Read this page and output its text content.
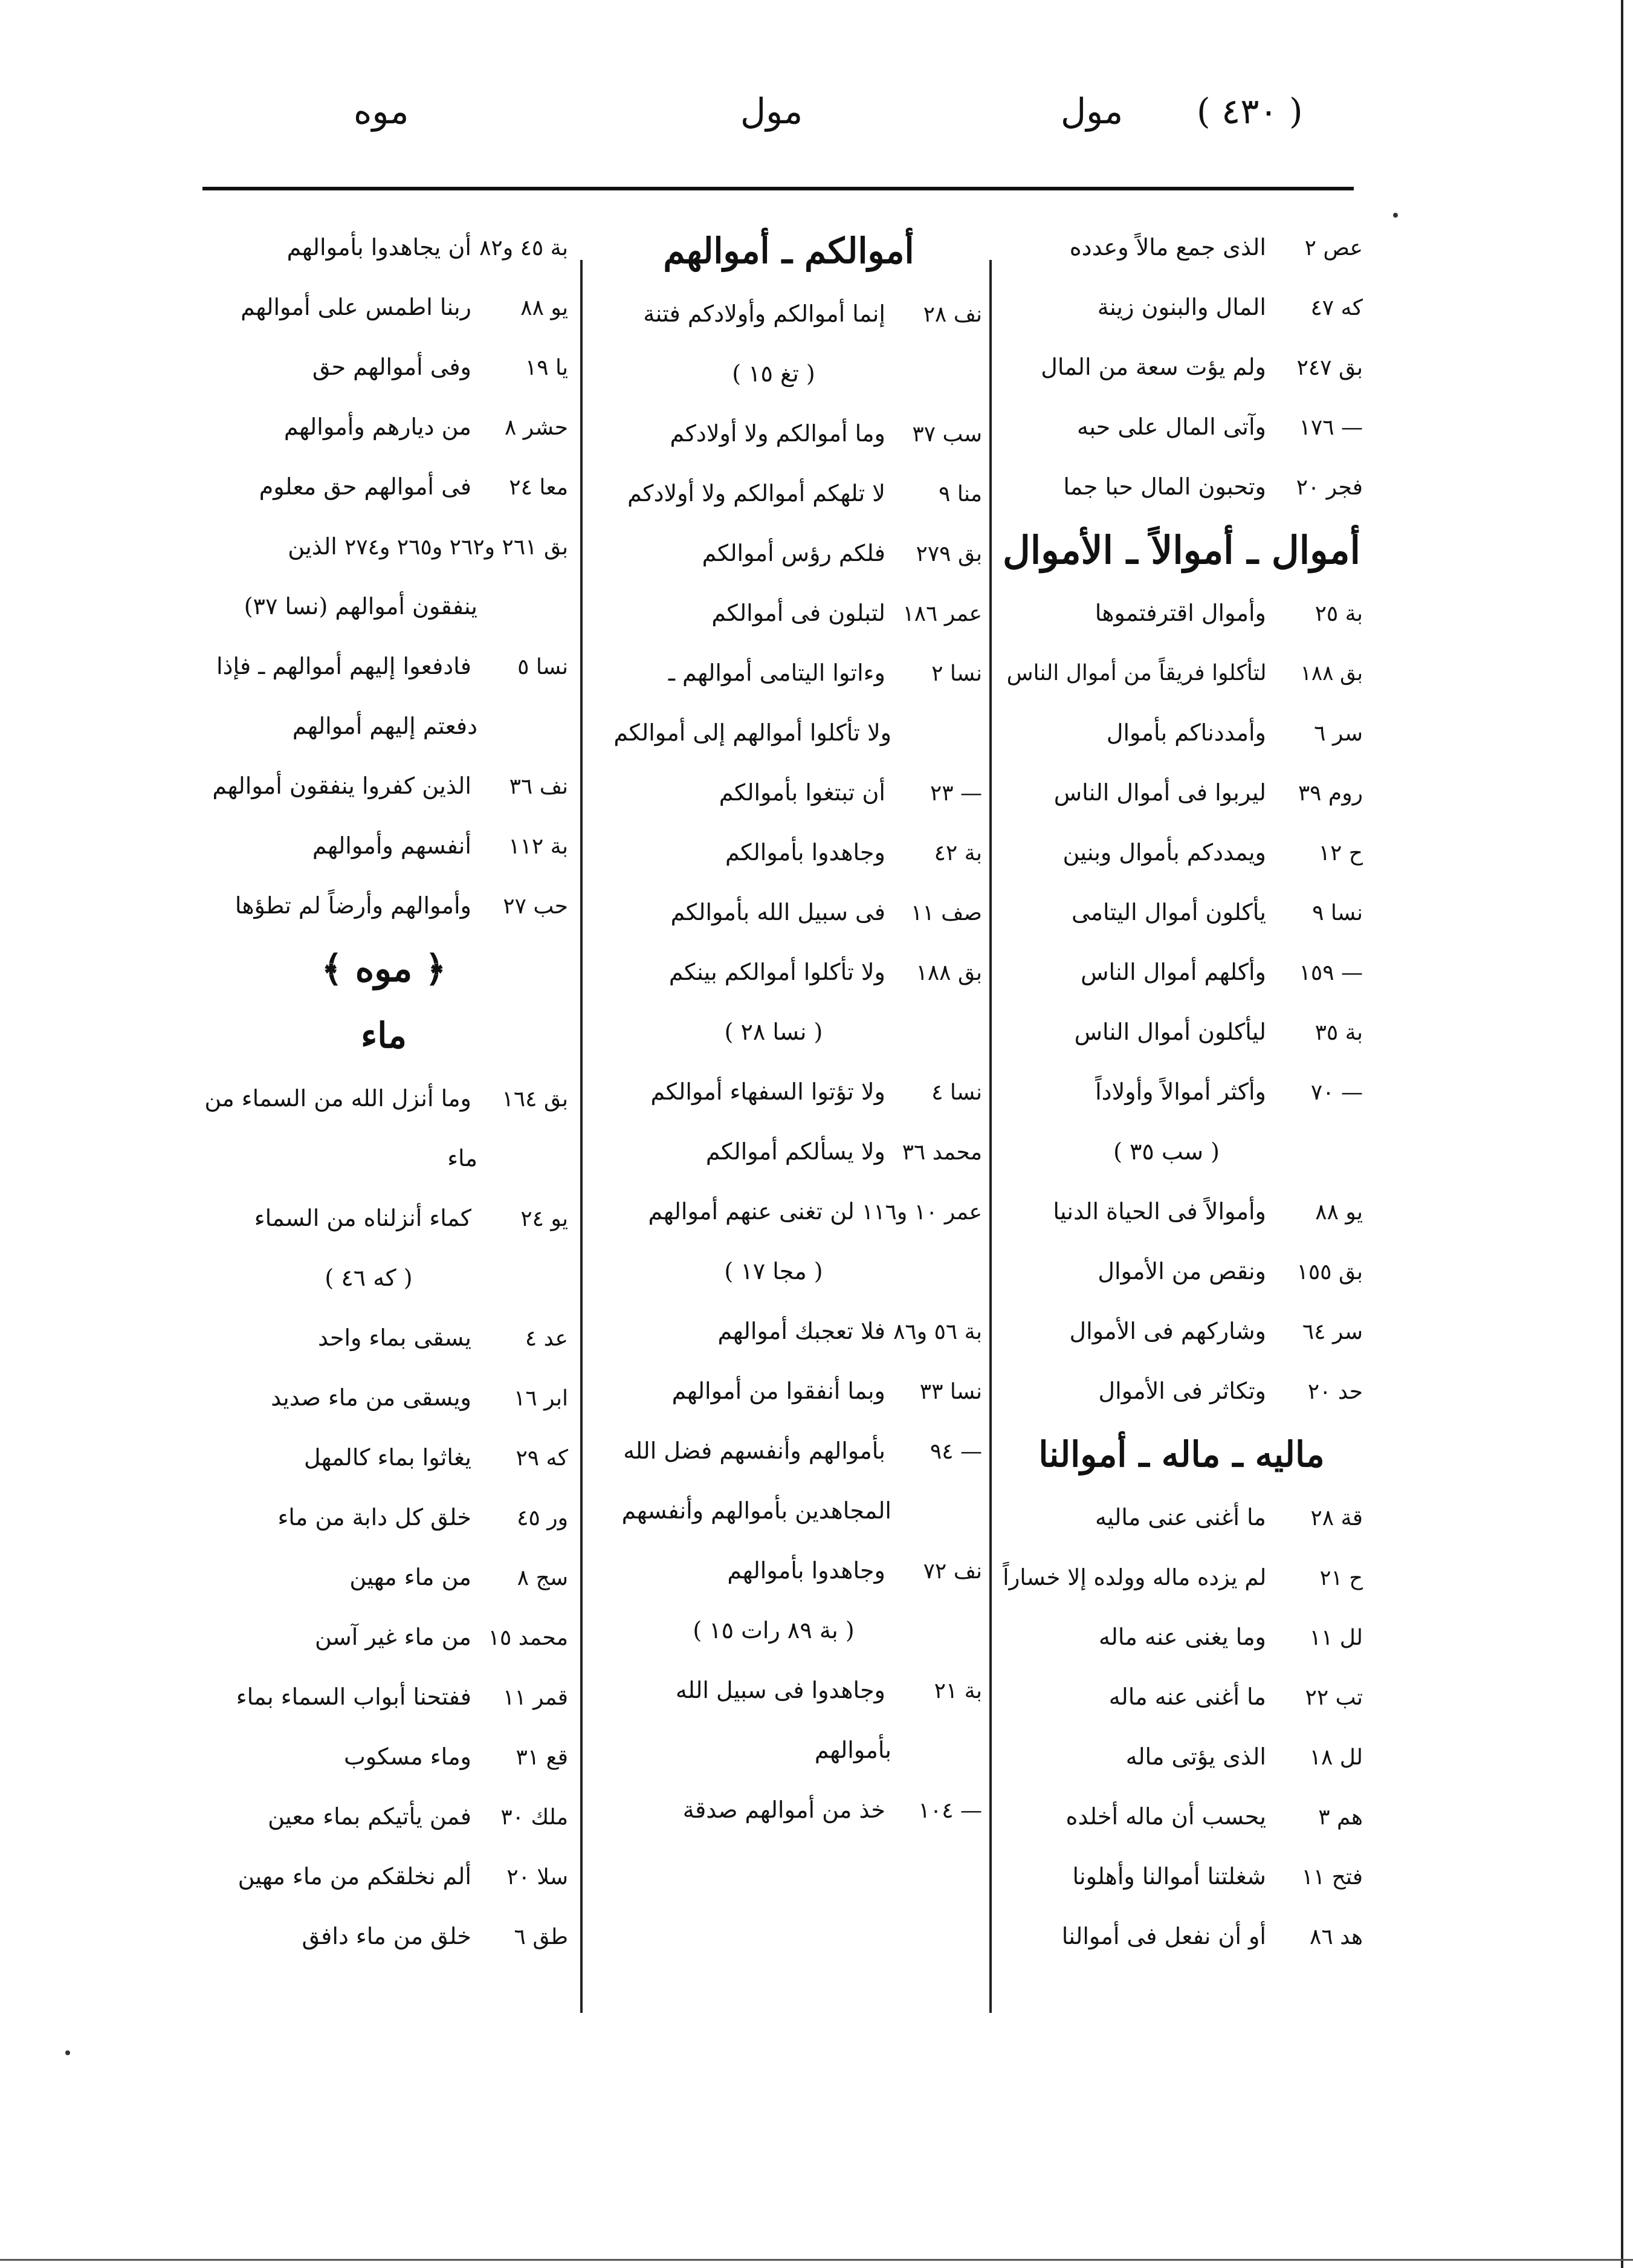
( ٤٣٠ )
مول
مول
موه
عص ٢ الذى جمع مالاً وعدده
كه ٤٧ المال والبنون زينة
بق ٢٤٧ ولم يؤت سعة من المال
— ١٧٦ وآتى المال على حبه
فجر ٢٠ وتحبون المال حبا جما
أموال ـ أموالاً ـ الأموال
بة ٢٥ وأموال اقترفتموها
بق ١٨٨ لتأكلوا فريقاً من أموال الناس
سر ٦ وأمددناكم بأموال
روم ٣٩ ليربوا فى أموال الناس
ح ١٢ ويمددكم بأموال وبنين
نسا ٩ يأكلون أموال اليتامى
— ١٥٩ وأكلهم أموال الناس
بة ٣٥ ليأكلون أموال الناس
— ٧٠ وأكثر أموالاً وأولاداً
( سب ٣٥ )
يو ٨٨ وأموالاً فى الحياة الدنيا
بق ١٥٥ ونقص من الأموال
سر ٦٤ وشاركهم فى الأموال
حد ٢٠ وتكاثر فى الأموال
ماليه ـ ماله ـ أموالنا
قة ٢٨ ما أغنى عنى ماليه
ح ٢١ لم يزده ماله وولده إلا خساراً
لل ١١ وما يغنى عنه ماله
تب ٢٢ ما أغنى عنه ماله
لل ١٨ الذى يؤتى ماله
هم ٣ يحسب أن ماله أخلده
فتح ١١ شغلتنا أموالنا وأهلونا
هد ٨٦ أو أن نفعل فى أموالنا
أموالكم ـ أموالهم
نف ٢٨ إنما أموالكم وأولادكم فتنة
( تغ ١٥ )
سب ٣٧ وما أموالكم ولا أولادكم
منا ٩ لا تلهكم أموالكم ولا أولادكم
بق ٢٧٩ فلكم رؤس أموالكم
عمر ١٨٦ لتبلون فى أموالكم
نسا ٢ وءاتوا اليتامى أموالهم ـ
ولا تأكلوا أموالهم إلى أموالكم
— ٢٣ أن تبتغوا بأموالكم
بة ٤٢ وجاهدوا بأموالكم
صف ١١ فى سبيل الله بأموالكم
بق ١٨٨ ولا تأكلوا أموالكم بينكم
( نسا ٢٨ )
نسا ٤ ولا تؤتوا السفهاء أموالكم
محمد ٣٦ ولا يسألكم أموالكم
عمر ١٠ و١١٦ لن تغنى عنهم أموالهم
( مجا ١٧ )
بة ٥٦ و٨٦ فلا تعجبك أموالهم
نسا ٣٣ وبما أنفقوا من أموالهم
— ٩٤ بأموالهم وأنفسهم فضل الله
المجاهدين بأموالهم وأنفسهم
نف ٧٢ وجاهدوا بأموالهم
( بة ٨٩ رات ١٥ )
بة ٢١ وجاهدوا فى سبيل الله
بأموالهم
— ١٠٤ خذ من أموالهم صدقة
بة ٤٥ و٨٢ أن يجاهدوا بأموالهم
يو ٨٨ ربنا اطمس على أموالهم
يا ١٩ وفى أموالهم حق
حشر ٨ من ديارهم وأموالهم
معا ٢٤ فى أموالهم حق معلوم
بق ٢٦١ و٢٦٢ و٢٦٥ و٢٧٤ الذين
ينفقون أموالهم (نسا ٣٧)
نسا ٥ فادفعوا إليهم أموالهم ـ فإذا
دفعتم إليهم أموالهم
نف ٣٦ الذين كفروا ينفقون أموالهم
بة ١١٢ أنفسهم وأموالهم
حب ٢٧ وأموالهم وأرضاً لم تطؤها
﴿ موه ﴾
ماء
بق ١٦٤ وما أنزل الله من السماء من
ماء
يو ٢٤ كماء أنزلناه من السماء
( كه ٤٦ )
عد ٤ يسقى بماء واحد
ابر ١٦ ويسقى من ماء صديد
كه ٢٩ يغاثوا بماء كالمهل
ور ٤٥ خلق كل دابة من ماء
سج ٨ من ماء مهين
محمد ١٥ من ماء غير آسن
قمر ١١ ففتحنا أبواب السماء بماء
قع ٣١ وماء مسكوب
ملك ٣٠ فمن يأتيكم بماء معين
سلا ٢٠ ألم نخلقكم من ماء مهين
طق ٦ خلق من ماء دافق
